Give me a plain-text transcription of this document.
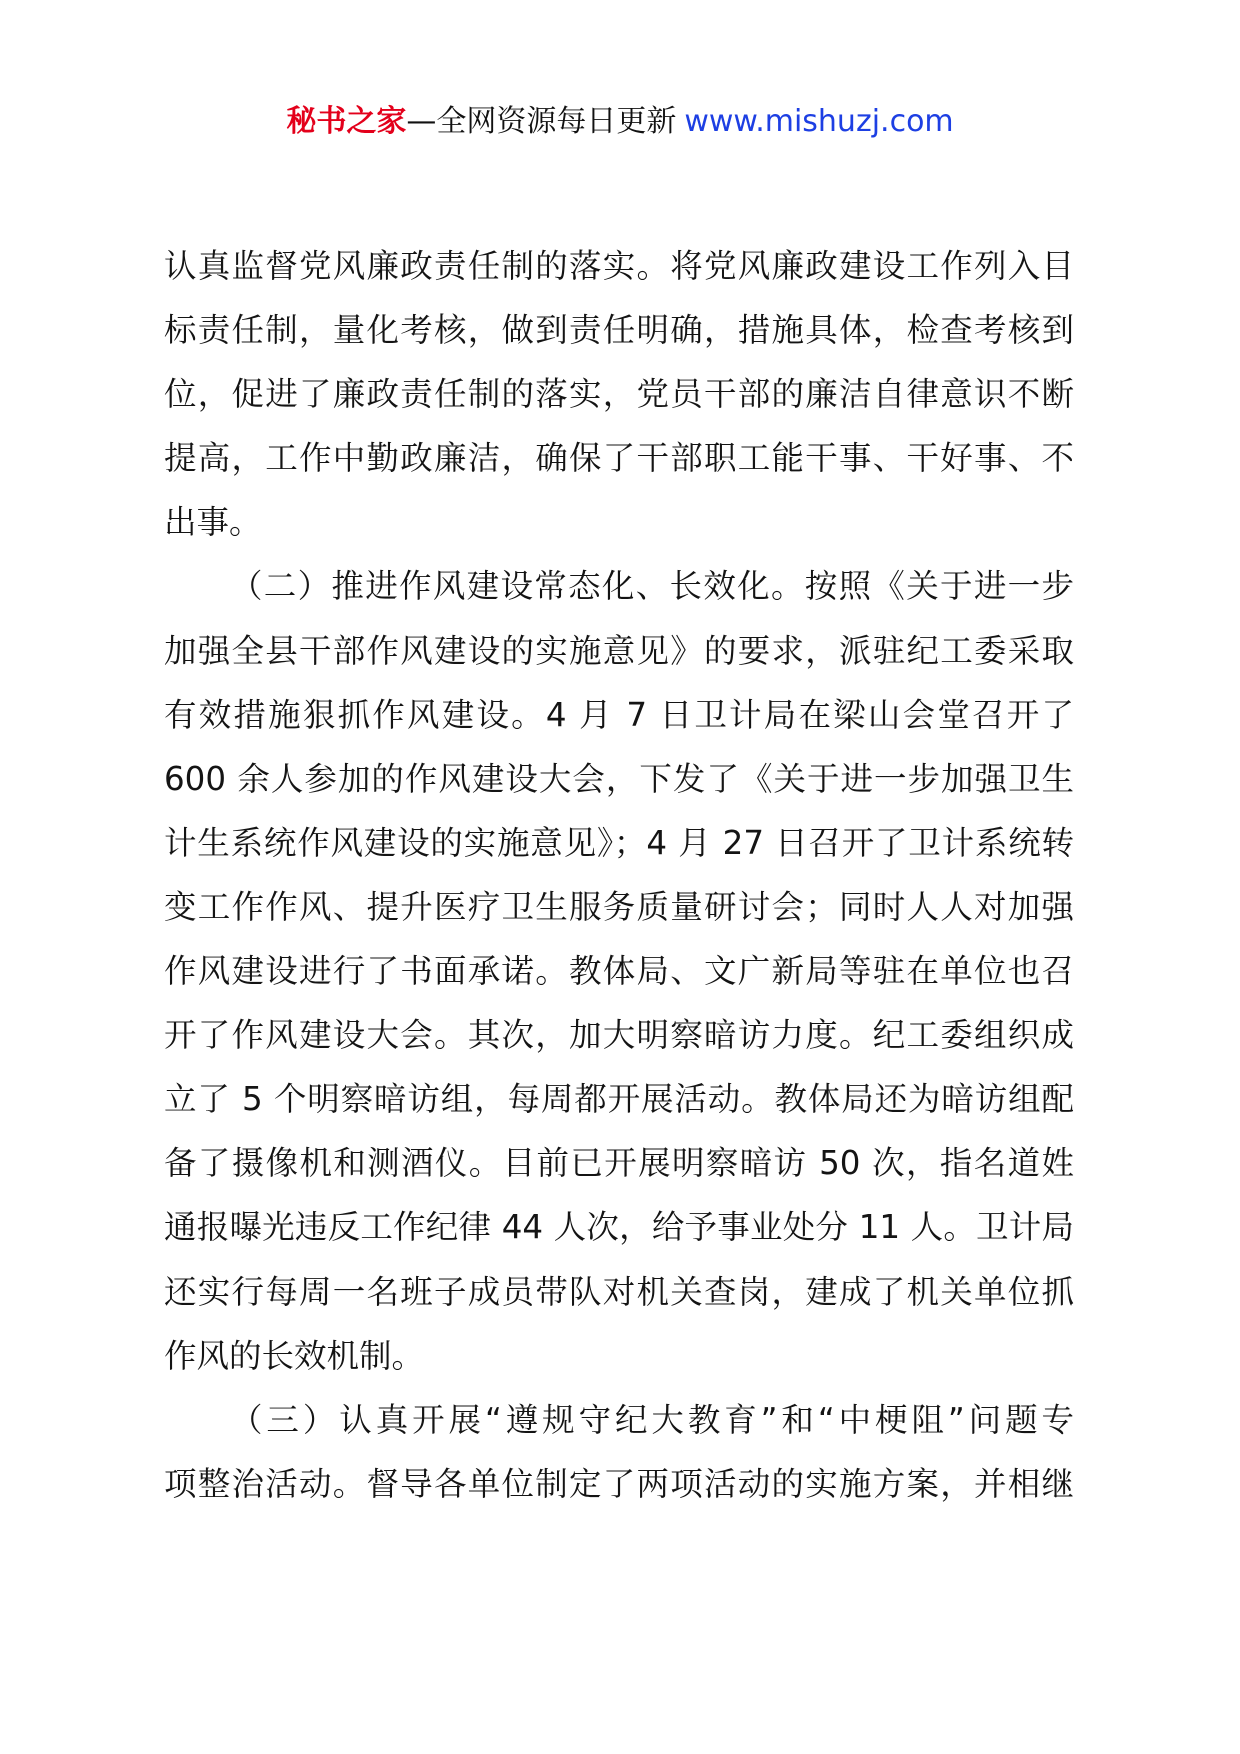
秘书之家—全网资源每日更新 www.mishuzj.com
认真监督党风廉政责任制的落实。将党风廉政建设工作列入目
标责任制，量化考核，做到责任明确，措施具体，检查考核到
位，促进了廉政责任制的落实，党员干部的廉洁自律意识不断
提高，工作中勤政廉洁，确保了干部职工能干事、干好事、不
出事。
（二）推进作风建设常态化、长效化。按照《关于进一步
加强全县干部作风建设的实施意见》的要求，派驻纪工委采取
有效措施狠抓作风建设。4 月 7 日卫计局在梁山会堂召开了
600 余人参加的作风建设大会，下发了《关于进一步加强卫生
计生系统作风建设的实施意见》；4 月 27 日召开了卫计系统转
变工作作风、提升医疗卫生服务质量研讨会；同时人人对加强
作风建设进行了书面承诺。教体局、文广新局等驻在单位也召
开了作风建设大会。其次，加大明察暗访力度。纪工委组织成
立了 5 个明察暗访组，每周都开展活动。教体局还为暗访组配
备了摄像机和测酒仪。目前已开展明察暗访 50 次，指名道姓
通报曝光违反工作纪律 44 人次，给予事业处分 11 人。卫计局
还实行每周一名班子成员带队对机关查岗，建成了机关单位抓
作风的长效机制。
（三）认真开展“遵规守纪大教育”和“中梗阻”问题专
项整治活动。督导各单位制定了两项活动的实施方案，并相继
